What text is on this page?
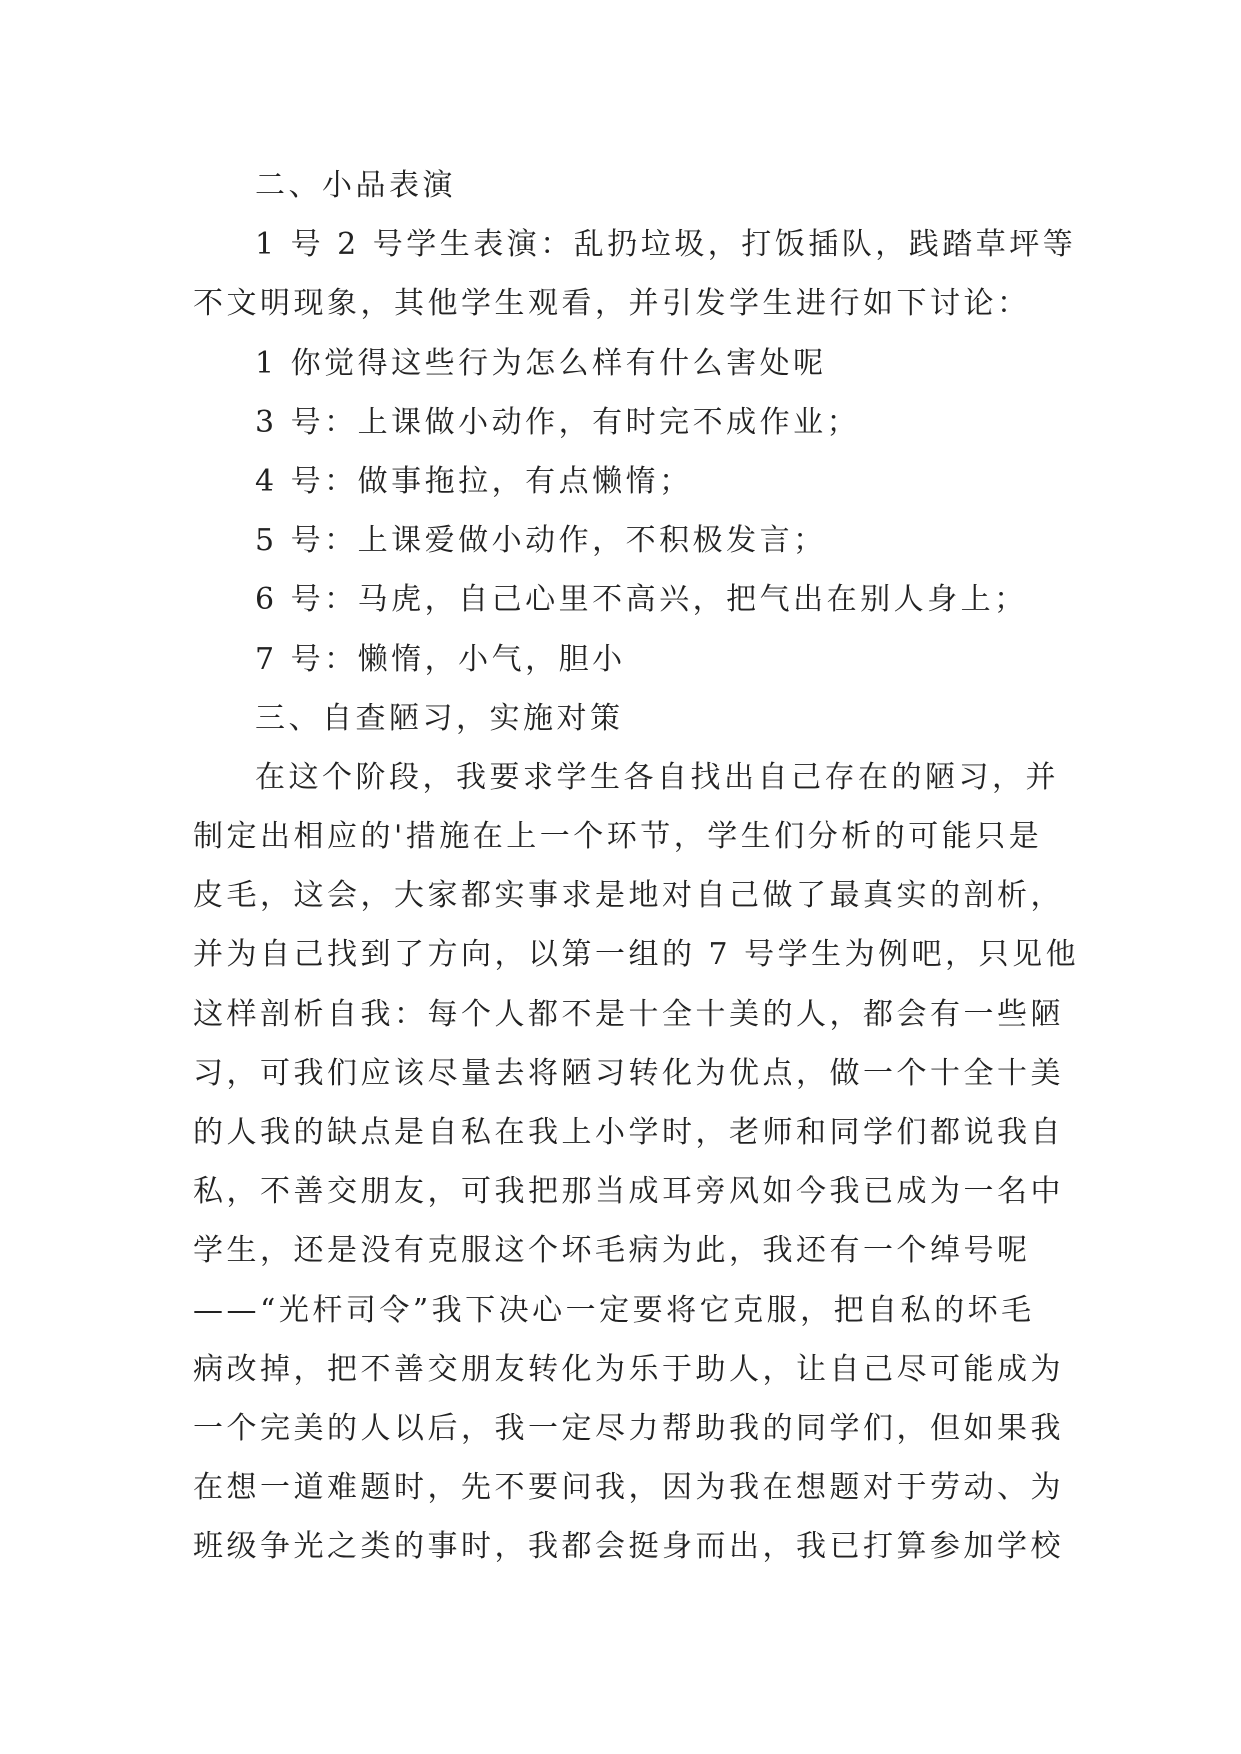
二、小品表演

1 号 2 号学生表演：乱扔垃圾，打饭插队，践踏草坪等

不文明现象，其他学生观看，并引发学生进行如下讨论：

1 你觉得这些行为怎么样有什么害处呢

3 号：上课做小动作，有时完不成作业；

4 号：做事拖拉，有点懒惰；

5 号：上课爱做小动作，不积极发言；

6 号：马虎，自己心里不高兴，把气出在别人身上；

7 号：懒惰，小气，胆小

三、自查陋习，实施对策

在这个阶段，我要求学生各自找出自己存在的陋习，并

制定出相应的'措施在上一个环节，学生们分析的可能只是

皮毛，这会，大家都实事求是地对自己做了最真实的剖析，

并为自己找到了方向，以第一组的 7 号学生为例吧，只见他

这样剖析自我：每个人都不是十全十美的人，都会有一些陋

习，可我们应该尽量去将陋习转化为优点，做一个十全十美

的人我的缺点是自私在我上小学时，老师和同学们都说我自

私，不善交朋友，可我把那当成耳旁风如今我已成为一名中

学生，还是没有克服这个坏毛病为此，我还有一个绰号呢

——“光杆司令”我下决心一定要将它克服，把自私的坏毛

病改掉，把不善交朋友转化为乐于助人，让自己尽可能成为

一个完美的人以后，我一定尽力帮助我的同学们，但如果我

在想一道难题时，先不要问我，因为我在想题对于劳动、为

班级争光之类的事时，我都会挺身而出，我已打算参加学校
